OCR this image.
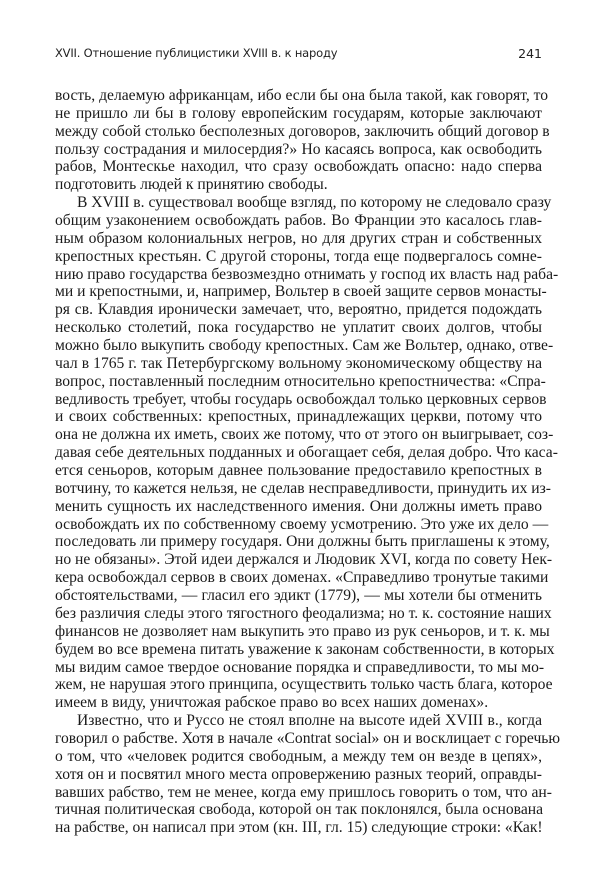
XVII. Отношение публицистики XVIII в. к народу	241
вость, делаемую африканцам, ибо если бы она была такой, как говорят, то
не пришло ли бы в голову европейским государям, которые заключают
между собой столько бесполезных договоров, заключить общий договор в
пользу сострадания и милосердия?» Но касаясь вопроса, как освободить
рабов, Монтескье находил, что сразу освобождать опасно: надо сперва
подготовить людей к принятию свободы.
В XVIII в. существовал вообще взгляд, по которому не следовало сразу
общим узаконением освобождать рабов. Во Франции это касалось глав-
ным образом колониальных негров, но для других стран и собственных
крепостных крестьян. С другой стороны, тогда еще подвергалось сомне-
нию право государства безвозмездно отнимать у господ их власть над раба-
ми и крепостными, и, например, Вольтер в своей защите сервов монасты-
ря св. Клавдия иронически замечает, что, вероятно, придется подождать
несколько столетий, пока государство не уплатит своих долгов, чтобы
можно было выкупить свободу крепостных. Сам же Вольтер, однако, отве-
чал в 1765 г. так Петербургскому вольному экономическому обществу на
вопрос, поставленный последним относительно крепостничества: «Спра-
ведливость требует, чтобы государь освобождал только церковных сервов
и своих собственных: крепостных, принадлежащих церкви, потому что
она не должна их иметь, своих же потому, что от этого он выигрывает, соз-
давая себе деятельных подданных и обогащает себя, делая добро. Что каса-
ется сеньоров, которым давнее пользование предоставило крепостных в
вотчину, то кажется нельзя, не сделав несправедливости, принудить их из-
менить сущность их наследственного имения. Они должны иметь право
освобождать их по собственному своему усмотрению. Это уже их дело —
последовать ли примеру государя. Они должны быть приглашены к этому,
но не обязаны». Этой идеи держался и Людовик XVI, когда по совету Нек-
кера освобождал сервов в своих доменах. «Справедливо тронутые такими
обстоятельствами, — гласил его эдикт (1779), — мы хотели бы отменить
без различия следы этого тягостного феодализма; но т. к. состояние наших
финансов не дозволяет нам выкупить это право из рук сеньоров, и т. к. мы
будем во все времена питать уважение к законам собственности, в которых
мы видим самое твердое основание порядка и справедливости, то мы мо-
жем, не нарушая этого принципа, осуществить только часть блага, которое
имеем в виду, уничтожая рабское право во всех наших доменах».
Известно, что и Руссо не стоял вполне на высоте идей XVIII в., когда
говорил о рабстве. Хотя в начале «Contrat social» он и восклицает с горечью
о том, что «человек родится свободным, а между тем он везде в цепях»,
хотя он и посвятил много места опровержению разных теорий, оправды-
вавших рабство, тем не менее, когда ему пришлось говорить о том, что ан-
тичная политическая свобода, которой он так поклонялся, была основана
на рабстве, он написал при этом (кн. III, гл. 15) следующие строки: «Как!
